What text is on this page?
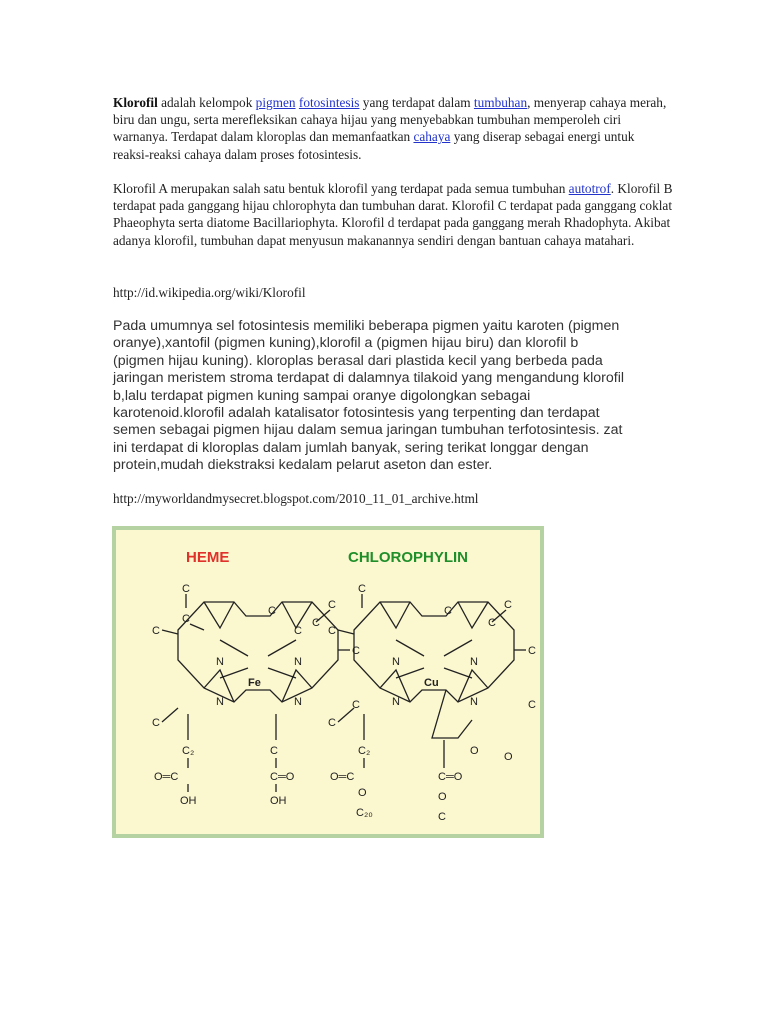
Klorofil adalah kelompok pigmen fotosintesis yang terdapat dalam tumbuhan, menyerap cahaya merah, biru dan ungu, serta merefleksikan cahaya hijau yang menyebabkan tumbuhan memperoleh ciri warnanya. Terdapat dalam kloroplas dan memanfaatkan cahaya yang diserap sebagai energi untuk reaksi-reaksi cahaya dalam proses fotosintesis.

Klorofil A merupakan salah satu bentuk klorofil yang terdapat pada semua tumbuhan autotrof. Klorofil B terdapat pada ganggang hijau chlorophyta dan tumbuhan darat. Klorofil C terdapat pada ganggang coklat Phaeophyta serta diatome Bacillariophyta. Klorofil d terdapat pada ganggang merah Rhadophyta. Akibat adanya klorofil, tumbuhan dapat menyusun makanannya sendiri dengan bantuan cahaya matahari.

http://id.wikipedia.org/wiki/Klorofil

Pada umumnya sel fotosintesis memiliki beberapa pigmen yaitu karoten (pigmen oranye),xantofil (pigmen kuning),klorofil a (pigmen hijau biru) dan klorofil b (pigmen hijau kuning). kloroplas berasal dari plastida kecil yang berbeda pada jaringan meristem stroma terdapat di dalamnya tilakoid yang mengandung klorofil b,lalu terdapat pigmen kuning sampai oranye digolongkan sebagai karotenoid.klorofil adalah katalisator fotosintesis yang terpenting dan terdapat semen sebagai pigmen hijau dalam semua jaringan tumbuhan terfotosintesis. zat ini terdapat di kloroplas dalam jumlah banyak, sering terikat longgar dengan protein,mudah diekstraksi kedalam pelarut aseton dan ester.

http://myworldandmysecret.blogspot.com/2010_11_01_archive.html

HEME	CHLOROPHYLIN
N	N
N	N
Fe
C
C
C
C
C
C
C
C
C
C
C₂
O═C
OH
C
C═O
OH
N	N
N	N
Cu
C
C
C
C
C
C
C
C
O O
C₂
O═C
O
C₂₀
C═O
O
C
